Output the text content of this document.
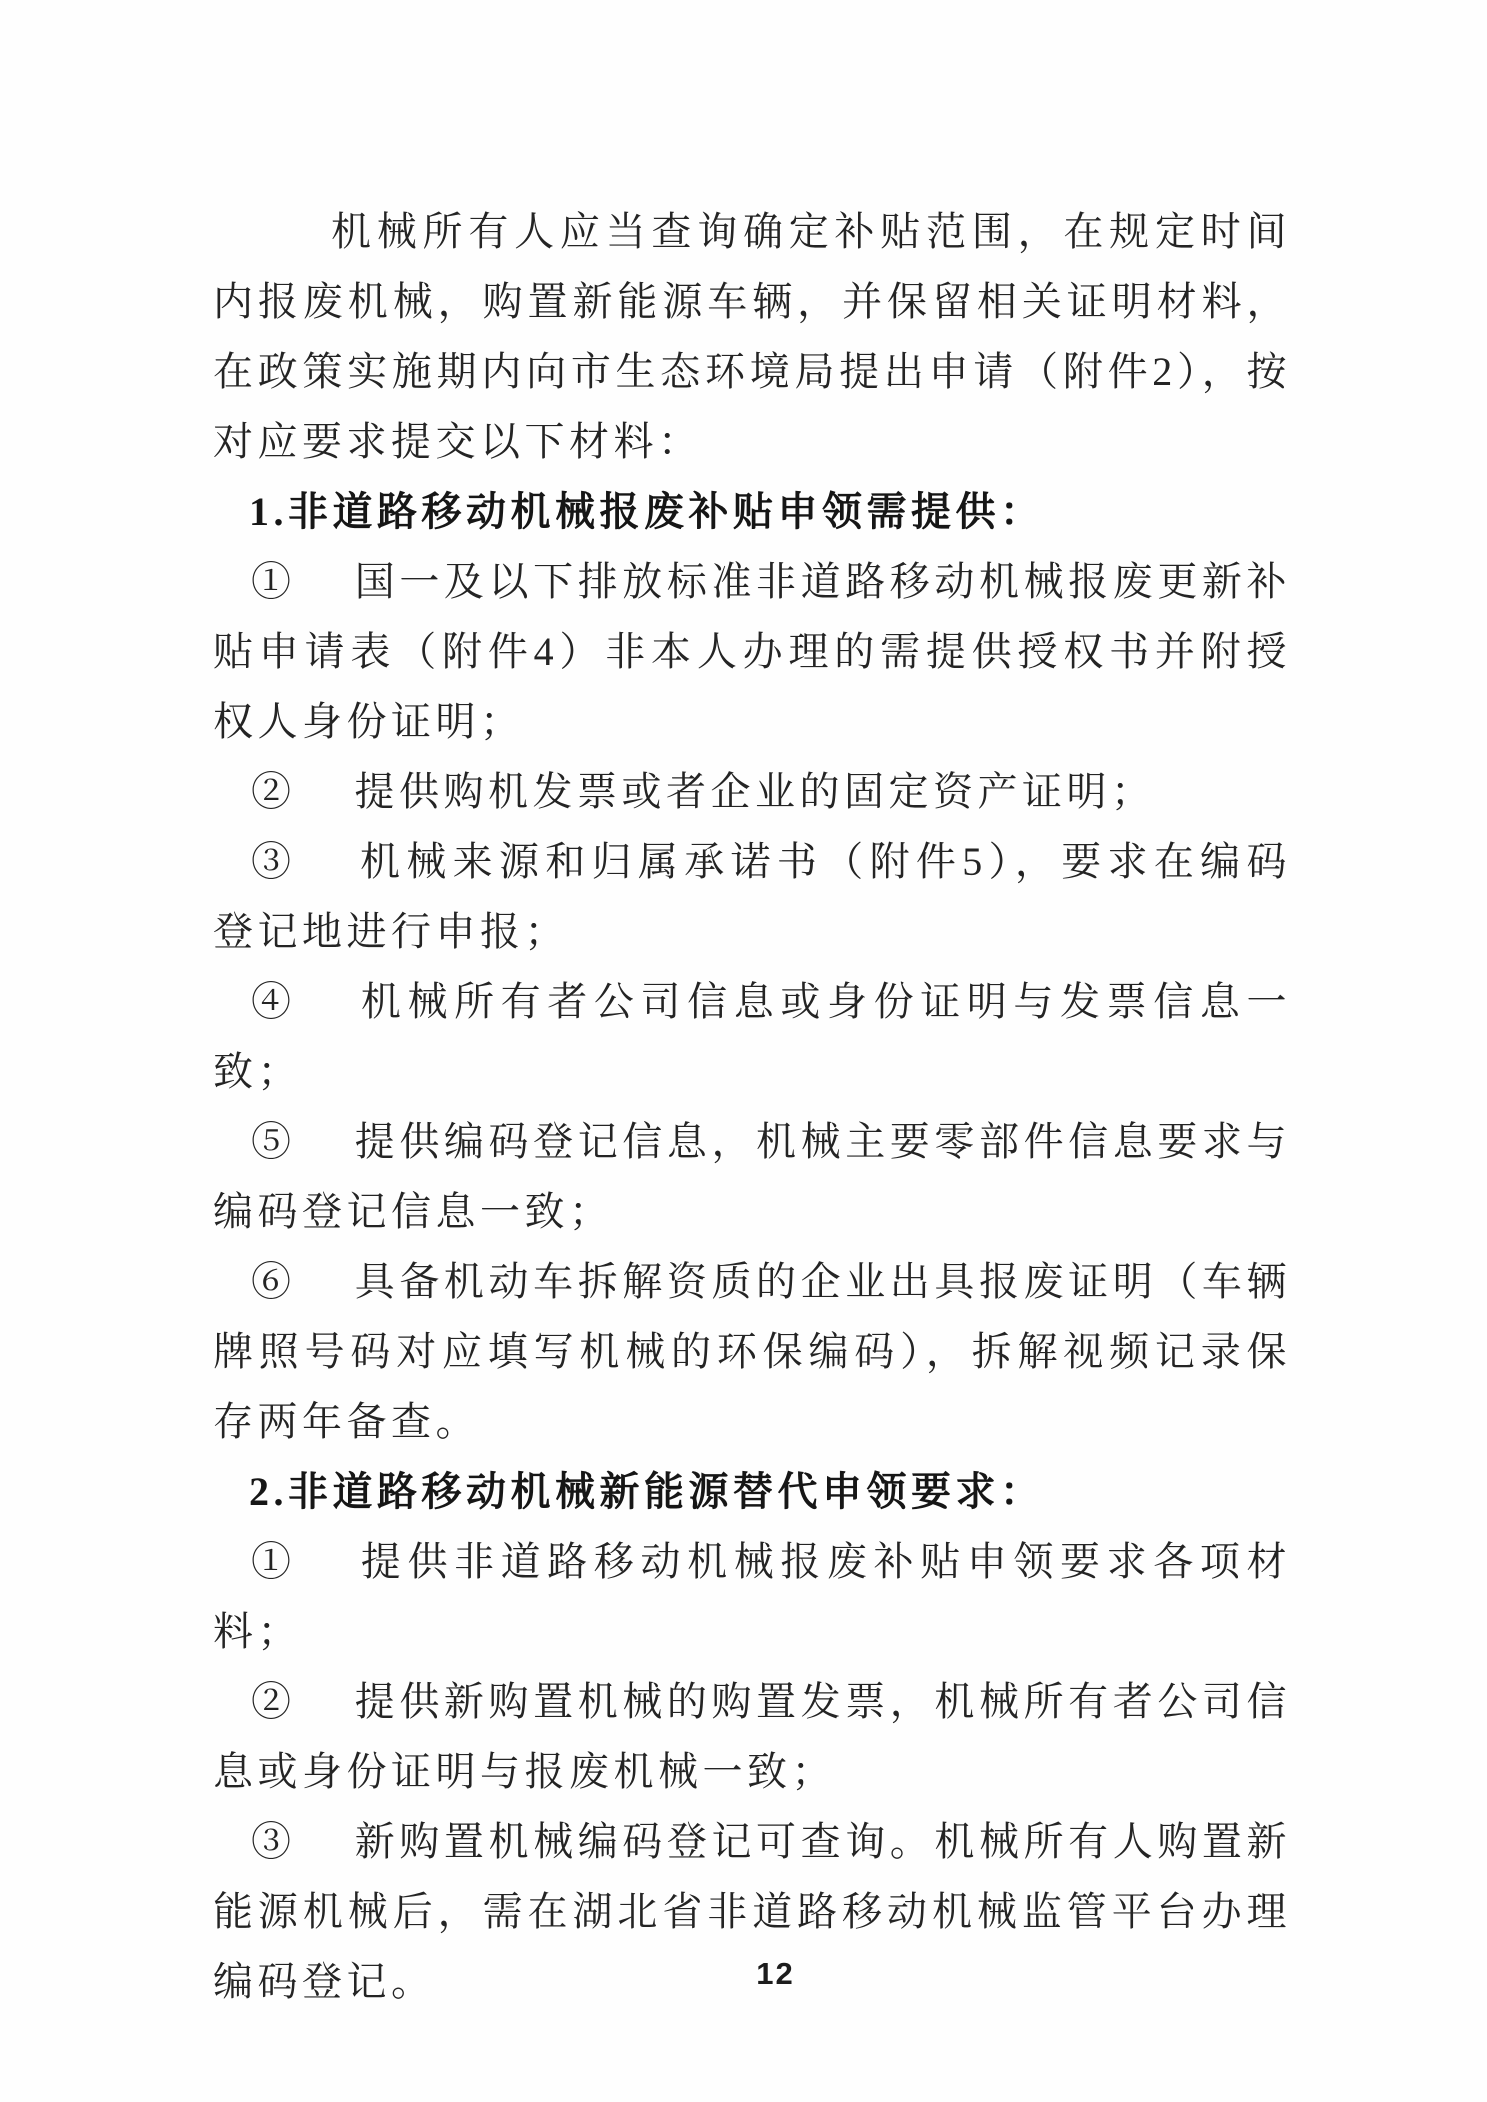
机械所有人应当查询确定补贴范围，在规定时间内报废机械，购置新能源车辆，并保留相关证明材料，在政策实施期内向市生态环境局提出申请（附件2），按对应要求提交以下材料：

1.非道路移动机械报废补贴申领需提供：

①　 国一及以下排放标准非道路移动机械报废更新补贴申请表（附件4）非本人办理的需提供授权书并附授权人身份证明；

②　 提供购机发票或者企业的固定资产证明；

③　 机械来源和归属承诺书（附件5），要求在编码登记地进行申报；

④　 机械所有者公司信息或身份证明与发票信息一致；

⑤　 提供编码登记信息，机械主要零部件信息要求与编码登记信息一致；

⑥　 具备机动车拆解资质的企业出具报废证明（车辆牌照号码对应填写机械的环保编码），拆解视频记录保存两年备查。

2.非道路移动机械新能源替代申领要求：

①　 提供非道路移动机械报废补贴申领要求各项材料；

②　 提供新购置机械的购置发票，机械所有者公司信息或身份证明与报废机械一致；

③　 新购置机械编码登记可查询。机械所有人购置新能源机械后，需在湖北省非道路移动机械监管平台办理编码登记。	12
